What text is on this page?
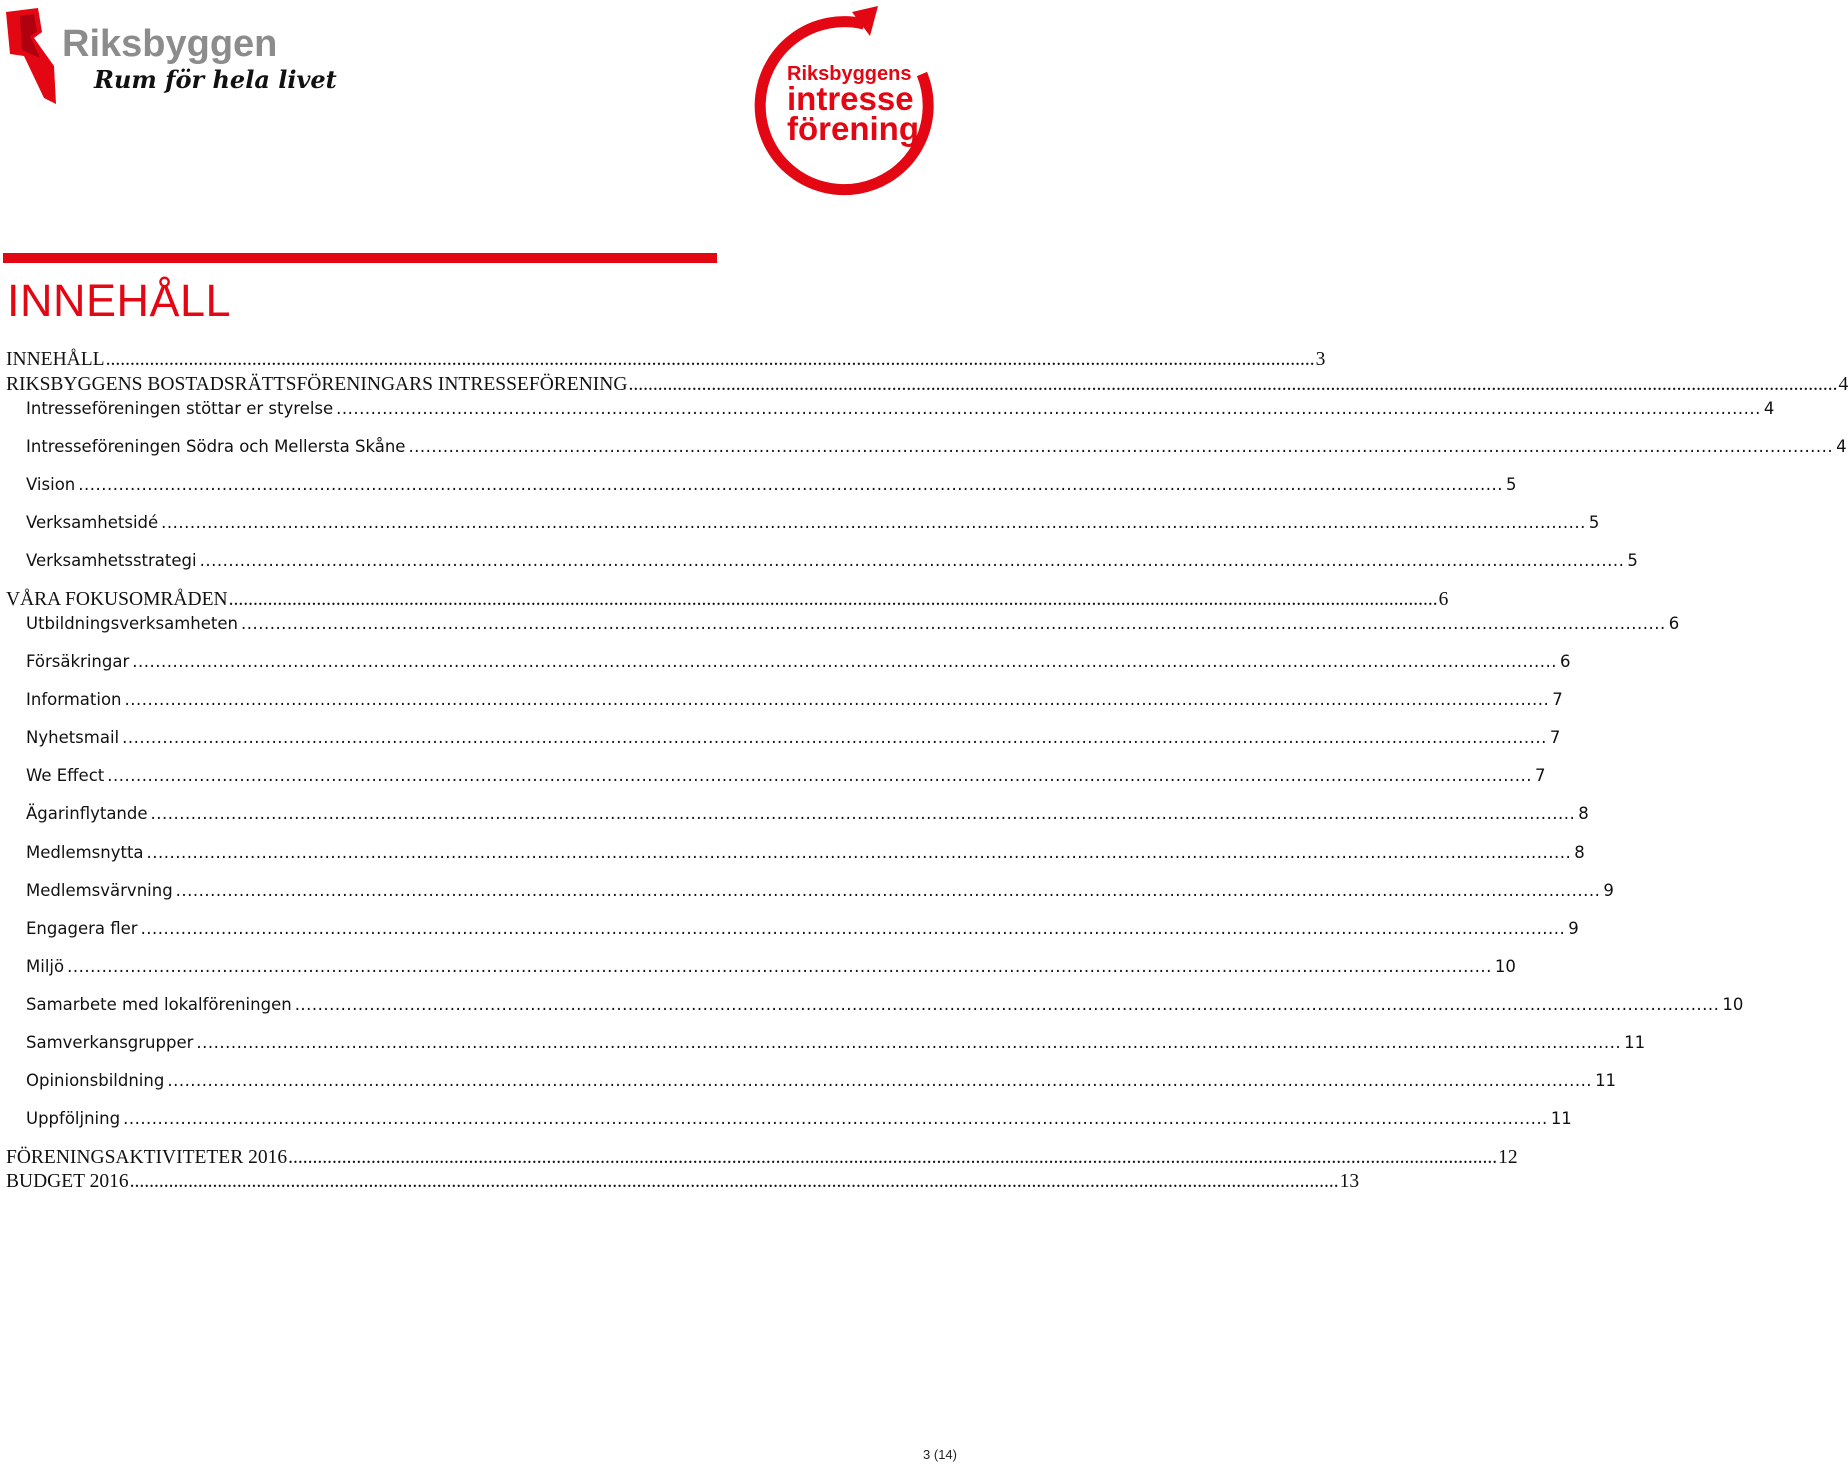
Riksbyggen
Rum för hela livet	Riksbyggens
intresse
förening
INNEHÅLL
INNEHÅLL .....	3
RIKSBYGGENS BOSTADSRÄTTSFÖRENINGARS INTRESSEFÖRENING .....	4
Intresseföreningen stöttar er styrelse .....	4
Intresseföreningen Södra och Mellersta Skåne .....	4
Vision .....	5
Verksamhetsidé .....	5
Verksamhetsstrategi .....	5
VÅRA FOKUSOMRÅDEN .....	6
Utbildningsverksamheten .....	6
Försäkringar .....	6
Information .....	7
Nyhetsmail .....	7
We Effect .....	7
Ägarinflytande .....	8
Medlemsnytta .....	8
Medlemsvärvning .....	9
Engagera fler .....	9
Miljö .....	10
Samarbete med lokalföreningen .....	10
Samverkansgrupper .....	11
Opinionsbildning .....	11
Uppföljning .....	11
FÖRENINGSAKTIVITETER 2016 .....	12
BUDGET 2016 .....	13
3 (14)
